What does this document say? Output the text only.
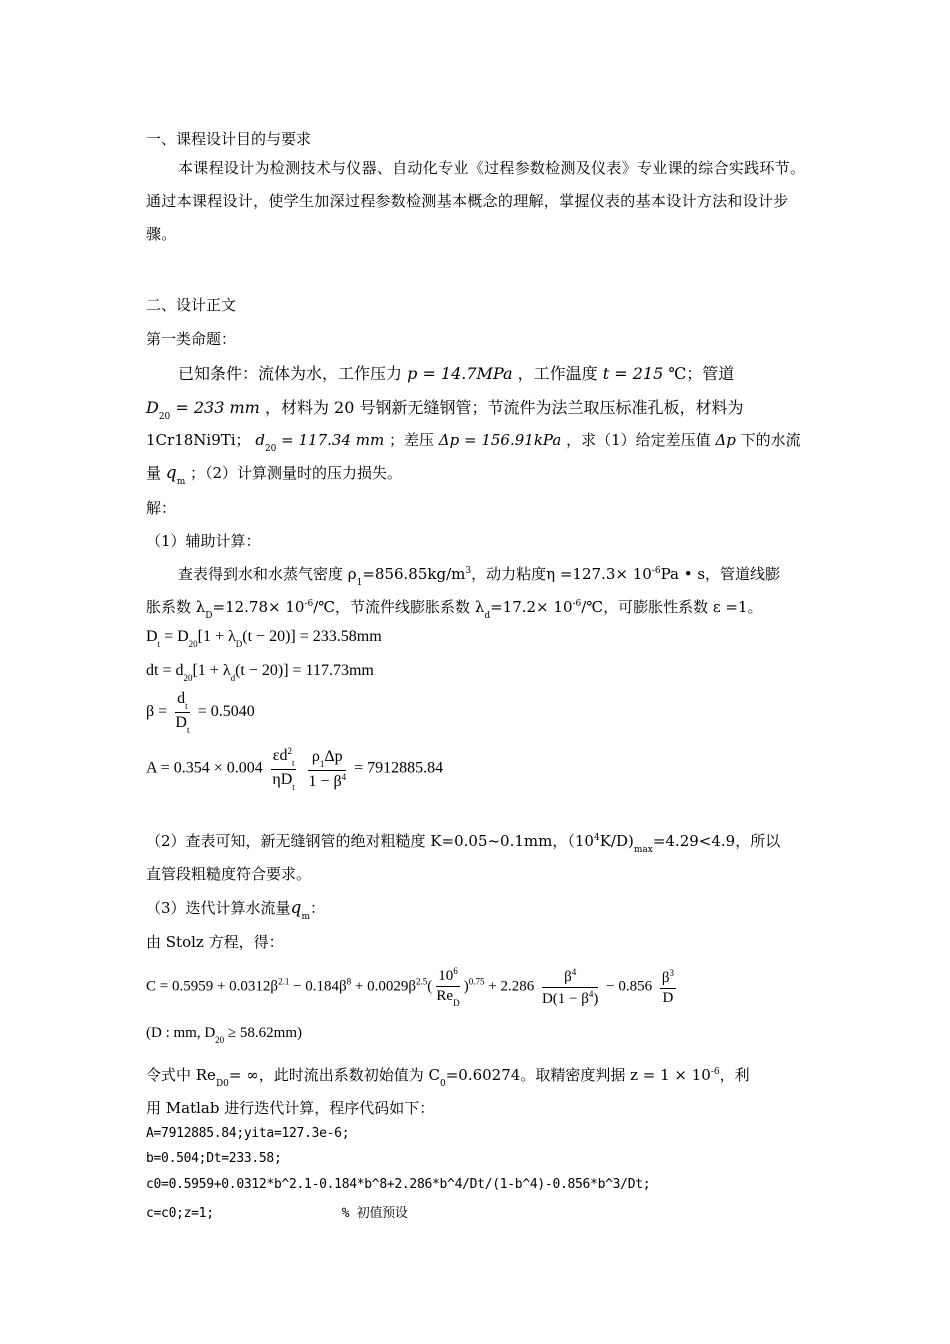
一、课程设计目的与要求
本课程设计为检测技术与仪器、自动化专业《过程参数检测及仪表》专业课的综合实践环节。通过本课程设计，使学生加深过程参数检测基本概念的理解，掌握仪表的基本设计方法和设计步骤。
二、设计正文
第一类命题：
已知条件：流体为水，工作压力 p = 14.7MPa ，工作温度 t = 215 ℃；管道
$D_{20} = 233$ mm ，材料为 20 号钢新无缝钢管；节流件为法兰取压标准孔板，材料为
1Cr18Ni9Ti； $d_{20} = 117.34$ mm ；差压 Δp = 156.91kPa ，求（1）给定差压值 Δp 下的水流
量 $q_m$ ；（2）计算测量时的压力损失。
解：
（1）辅助计算：
查表得到水和水蒸气密度 $\rho_1=856.85kg/m^3$，动力粘度$\eta =127.3\times 10^{-6}Pa$ • s，管道线膨
胀系数 $\lambda_D=12.78\times$ $10^{-6}/℃$，节流件线膨胀系数 $\lambda_d=17.2\times$ $10^{-6}/℃$，可膨胀性系数 ε =1。
$D_t = D_{20}[1 + \lambda_D(t - 20)] = 233.58mm$
dt = $d_{20}[1 + \lambda_d(t - 20)] = 117.73mm$
$\beta = \frac{d_t}{D_t} = 0.5040$
$A = 0.354 \times 0.004 \frac{\varepsilon d^2_t}{\eta D_t}$
$\frac{\rho_1\Delta p}{1 - \beta^4} = 7912885.84$
（2）查表可知，新无缝钢管的绝对粗糙度 K=0.05~0.1mm，$(10^4K/D)_{max}=4.29<4.9$，所以
直管段粗糙度符合要求。
（3）迭代计算水流量$q_m$：
由 Stolz 方程，得：
$C = 0.5959 + 0.0312\beta^{2.1} - 0.184\beta^8 + 0.0029\beta^{2.5}( \frac{10^6}{Re_D} )^{0.75} + 2.286 \frac{\beta^4}{D(1 - \beta^4)} - 0.856 \frac{\beta^3}{D}$
(D : mm, $D_{20} \ge 58.62mm$)
令式中 $Re_{D0}=$ ∞，此时流出系数初始值为 $C_0=0.60274$。取精密度判据 $z = 1 \times 10^{-6}$，利
用 Matlab 进行迭代计算，程序代码如下：
A=7912885.84;yita=127.3e-6;
b=0.504;Dt=233.58;
c0=0.5959+0.0312*b^2.1-0.184*b^8+2.286*b^4/Dt/(1-b^4)-0.856*b^3/Dt;
c=c0;z=1;                 % 初值预设
